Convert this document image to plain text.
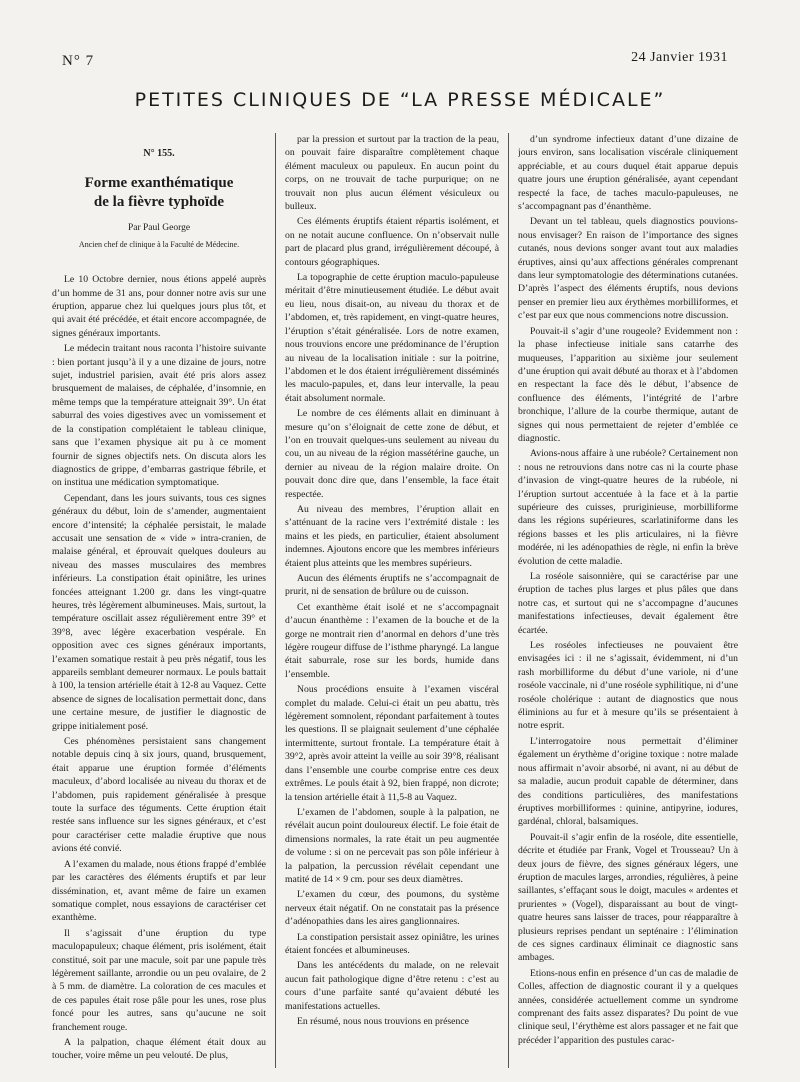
N° 7	24 Janvier 1931
PETITES CLINIQUES DE “LA PRESSE MÉDICALE”
N° 155.
Forme exanthématique
de la fièvre typhoïde
Par Paul George
Ancien chef de clinique à la Faculté de Médecine.

Le 10 Octobre dernier, nous étions appelé auprès d’un homme de 31 ans, pour donner notre avis sur une éruption, apparue chez lui quelques jours plus tôt, et qui avait été précédée, et était encore accompagnée, de signes généraux importants.

Le médecin traitant nous raconta l’histoire suivante : bien portant jusqu’à il y a une dizaine de jours, notre sujet, industriel parisien, avait été pris alors assez brusquement de malaises, de céphalée, d’insomnie, en même temps que la température atteignait 39°. Un état saburral des voies digestives avec un vomissement et de la constipation complétaient le tableau clinique, sans que l’examen physique ait pu à ce moment fournir de signes objectifs nets. On discuta alors les diagnostics de grippe, d’embarras gastrique fébrile, et on institua une médication symptomatique.

Cependant, dans les jours suivants, tous ces signes généraux du début, loin de s’amender, augmentaient encore d’intensité; la céphalée persistait, le malade accusait une sensation de « vide » intra-cranien, de malaise général, et éprouvait quelques douleurs au niveau des masses musculaires des membres inférieurs. La constipation était opiniâtre, les urines foncées atteignant 1.200 gr. dans les vingt-quatre heures, très légèrement albumineuses. Mais, surtout, la température oscillait assez régulièrement entre 39° et 39°8, avec légère exacerbation vespérale. En opposition avec ces signes généraux importants, l’examen somatique restait à peu près négatif, tous les appareils semblant demeurer normaux. Le pouls battait à 100, la tension artérielle était à 12-8 au Vaquez. Cette absence de signes de localisation permettait donc, dans une certaine mesure, de justifier le diagnostic de grippe initialement posé.

Ces phénomènes persistaient sans changement notable depuis cinq à six jours, quand, brusquement, était apparue une éruption formée d’éléments maculeux, d’abord localisée au niveau du thorax et de l’abdomen, puis rapidement généralisée à presque toute la surface des téguments. Cette éruption était restée sans influence sur les signes généraux, et c’est pour caractériser cette maladie éruptive que nous avions été convié.

A l’examen du malade, nous étions frappé d’emblée par les caractères des éléments éruptifs et par leur dissémination, et, avant même de faire un examen somatique complet, nous essayions de caractériser cet exanthème.

Il s’agissait d’une éruption du type maculopapuleux; chaque élément, pris isolément, était constitué, soit par une macule, soit par une papule très légèrement saillante, arrondie ou un peu ovalaire, de 2 à 5 mm. de diamètre. La coloration de ces macules et de ces papules était rose pâle pour les unes, rose plus foncé pour les autres, sans qu’aucune ne soit franchement rouge.

A la palpation, chaque élément était doux au toucher, voire même un peu velouté. De plus,

par la pression et surtout par la traction de la peau, on pouvait faire disparaître complètement chaque élément maculeux ou papuleux. En aucun point du corps, on ne trouvait de tache purpurique; on ne trouvait non plus aucun élément vésiculeux ou bulleux.

Ces éléments éruptifs étaient répartis isolément, et on ne notait aucune confluence. On n’observait nulle part de placard plus grand, irrégulièrement découpé, à contours géographiques.

La topographie de cette éruption maculo-papuleuse méritait d’être minutieusement étudiée. Le début avait eu lieu, nous disait-on, au niveau du thorax et de l’abdomen, et, très rapidement, en vingt-quatre heures, l’éruption s’était généralisée. Lors de notre examen, nous trouvions encore une prédominance de l’éruption au niveau de la localisation initiale : sur la poitrine, l’abdomen et le dos étaient irrégulièrement disséminés les maculo-papules, et, dans leur intervalle, la peau était absolument normale.

Le nombre de ces éléments allait en diminuant à mesure qu’on s’éloignait de cette zone de début, et l’on en trouvait quelques-uns seulement au niveau du cou, un au niveau de la région massétérine gauche, un dernier au niveau de la région malaire droite. On pouvait donc dire que, dans l’ensemble, la face était respectée.

Au niveau des membres, l’éruption allait en s’atténuant de la racine vers l’extrémité distale : les mains et les pieds, en particulier, étaient absolument indemnes. Ajoutons encore que les membres inférieurs étaient plus atteints que les membres supérieurs.

Aucun des éléments éruptifs ne s’accompagnait de prurit, ni de sensation de brûlure ou de cuisson.

Cet exanthème était isolé et ne s’accompagnait d’aucun énanthème : l’examen de la bouche et de la gorge ne montrait rien d’anormal en dehors d’une très légère rougeur diffuse de l’isthme pharyngé. La langue était saburrale, rose sur les bords, humide dans l’ensemble.

Nous procédions ensuite à l’examen viscéral complet du malade. Celui-ci était un peu abattu, très légèrement somnolent, répondant parfaitement à toutes les questions. Il se plaignait seulement d’une céphalée intermittente, surtout frontale. La température était à 39°2, après avoir atteint la veille au soir 39°8, réalisant dans l’ensemble une courbe comprise entre ces deux extrêmes. Le pouls était à 92, bien frappé, non dicrote; la tension artérielle était à 11,5-8 au Vaquez.

L’examen de l’abdomen, souple à la palpation, ne révélait aucun point douloureux électif. Le foie était de dimensions normales, la rate était un peu augmentée de volume : si on ne percevait pas son pôle inférieur à la palpation, la percussion révélait cependant une matité de 14 × 9 cm. pour ses deux diamètres.

L’examen du cœur, des poumons, du système nerveux était négatif. On ne constatait pas la présence d’adénopathies dans les aires ganglionnaires.

La constipation persistait assez opiniâtre, les urines étaient foncées et albumineuses.

Dans les antécédents du malade, on ne relevait aucun fait pathologique digne d’être retenu : c’est au cours d’une parfaite santé qu’avaient débuté les manifestations actuelles.

En résumé, nous nous trouvions en présence

d’un syndrome infectieux datant d’une dizaine de jours environ, sans localisation viscérale cliniquement appréciable, et au cours duquel était apparue depuis quatre jours une éruption généralisée, ayant cependant respecté la face, de taches maculo-papuleuses, ne s’accompagnant pas d’énanthème.

Devant un tel tableau, quels diagnostics pouvions-nous envisager? En raison de l’importance des signes cutanés, nous devions songer avant tout aux maladies éruptives, ainsi qu’aux affections générales comprenant dans leur symptomatologie des déterminations cutanées. D’après l’aspect des éléments éruptifs, nous devions penser en premier lieu aux érythèmes morbilliformes, et c’est par eux que nous commencions notre discussion.

Pouvait-il s’agir d’une rougeole? Evidemment non : la phase infectieuse initiale sans catarrhe des muqueuses, l’apparition au sixième jour seulement d’une éruption qui avait débuté au thorax et à l’abdomen en respectant la face dès le début, l’absence de confluence des éléments, l’intégrité de l’arbre bronchique, l’allure de la courbe thermique, autant de signes qui nous permettaient de rejeter d’emblée ce diagnostic.

Avions-nous affaire à une rubéole? Certainement non : nous ne retrouvions dans notre cas ni la courte phase d’invasion de vingt-quatre heures de la rubéole, ni l’éruption surtout accentuée à la face et à la partie supérieure des cuisses, pruriginieuse, morbilliforme dans les régions supérieures, scarlatiniforme dans les régions basses et les plis articulaires, ni la fièvre modérée, ni les adénopathies de règle, ni enfin la brève évolution de cette maladie.

La roséole saisonnière, qui se caractérise par une éruption de taches plus larges et plus pâles que dans notre cas, et surtout qui ne s’accompagne d’aucunes manifestations infectieuses, devait également être écartée.

Les roséoles infectieuses ne pouvaient être envisagées ici : il ne s’agissait, évidemment, ni d’un rash morbilliforme du début d’une variole, ni d’une roséole vaccinale, ni d’une roséole syphilitique, ni d’une roséole cholérique : autant de diagnostics que nous éliminions au fur et à mesure qu’ils se présentaient à notre esprit.

L’interrogatoire nous permettait d’éliminer également un érythème d’origine toxique : notre malade nous affirmait n’avoir absorbé, ni avant, ni au début de sa maladie, aucun produit capable de déterminer, dans des conditions particulières, des manifestations éruptives morbilliformes : quinine, antipyrine, iodures, gardénal, chloral, balsamiques.

Pouvait-il s’agir enfin de la roséole, dite essentielle, décrite et étudiée par Frank, Vogel et Trousseau? Un à deux jours de fièvre, des signes généraux légers, une éruption de macules larges, arrondies, régulières, à peine saillantes, s’effaçant sous le doigt, macules « ardentes et prurientes » (Vogel), disparaissant au bout de vingt-quatre heures sans laisser de traces, pour réapparaître à plusieurs reprises pendant un septénaire : l’élimination de ces signes cardinaux éliminait ce diagnostic sans ambages.

Etions-nous enfin en présence d’un cas de maladie de Colles, affection de diagnostic courant il y a quelques années, considérée actuellement comme un syndrome comprenant des faits assez disparates? Du point de vue clinique seul, l’érythème est alors passager et ne fait que précéder l’apparition des pustules carac-
